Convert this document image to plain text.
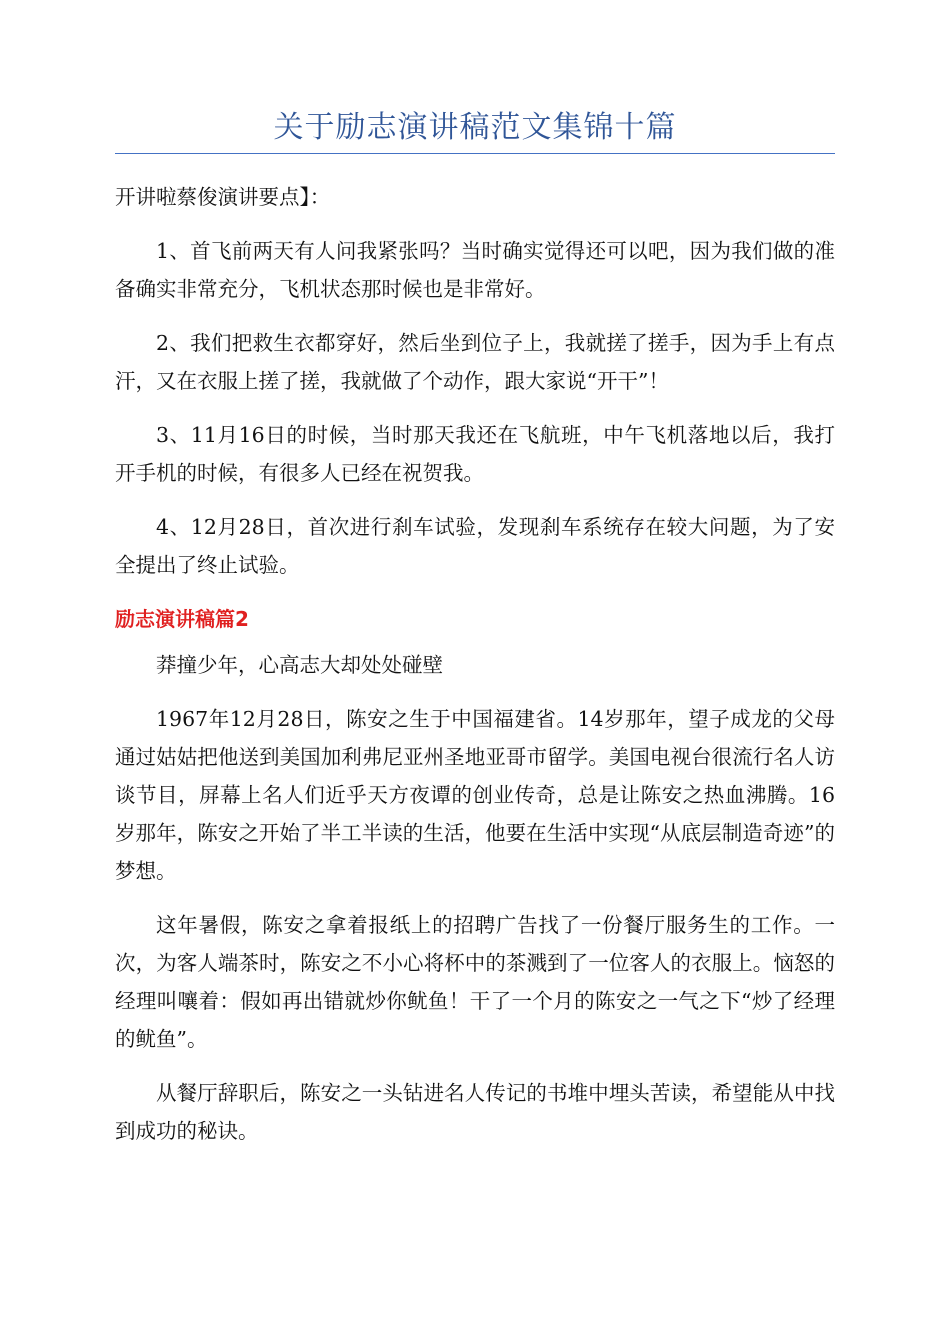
关于励志演讲稿范文集锦十篇

开讲啦蔡俊演讲要点】：

1、首飞前两天有人问我紧张吗？当时确实觉得还可以吧，因为我们做的准备确实非常充分，飞机状态那时候也是非常好。

2、我们把救生衣都穿好，然后坐到位子上，我就搓了搓手，因为手上有点汗，又在衣服上搓了搓，我就做了个动作，跟大家说“开干”！

3、11月16日的时候，当时那天我还在飞航班，中午飞机落地以后，我打开手机的时候，有很多人已经在祝贺我。

4、12月28日，首次进行刹车试验，发现刹车系统存在较大问题，为了安全提出了终止试验。

励志演讲稿篇2

莽撞少年，心高志大却处处碰壁

1967年12月28日，陈安之生于中国福建省。14岁那年，望子成龙的父母通过姑姑把他送到美国加利弗尼亚州圣地亚哥市留学。美国电视台很流行名人访谈节目，屏幕上名人们近乎天方夜谭的创业传奇，总是让陈安之热血沸腾。16岁那年，陈安之开始了半工半读的生活，他要在生活中实现“从底层制造奇迹”的梦想。

这年暑假，陈安之拿着报纸上的招聘广告找了一份餐厅服务生的工作。一次，为客人端茶时，陈安之不小心将杯中的茶溅到了一位客人的衣服上。恼怒的经理叫嚷着：假如再出错就炒你鱿鱼！干了一个月的陈安之一气之下“炒了经理的鱿鱼”。

从餐厅辞职后，陈安之一头钻进名人传记的书堆中埋头苦读，希望能从中找到成功的秘诀。
